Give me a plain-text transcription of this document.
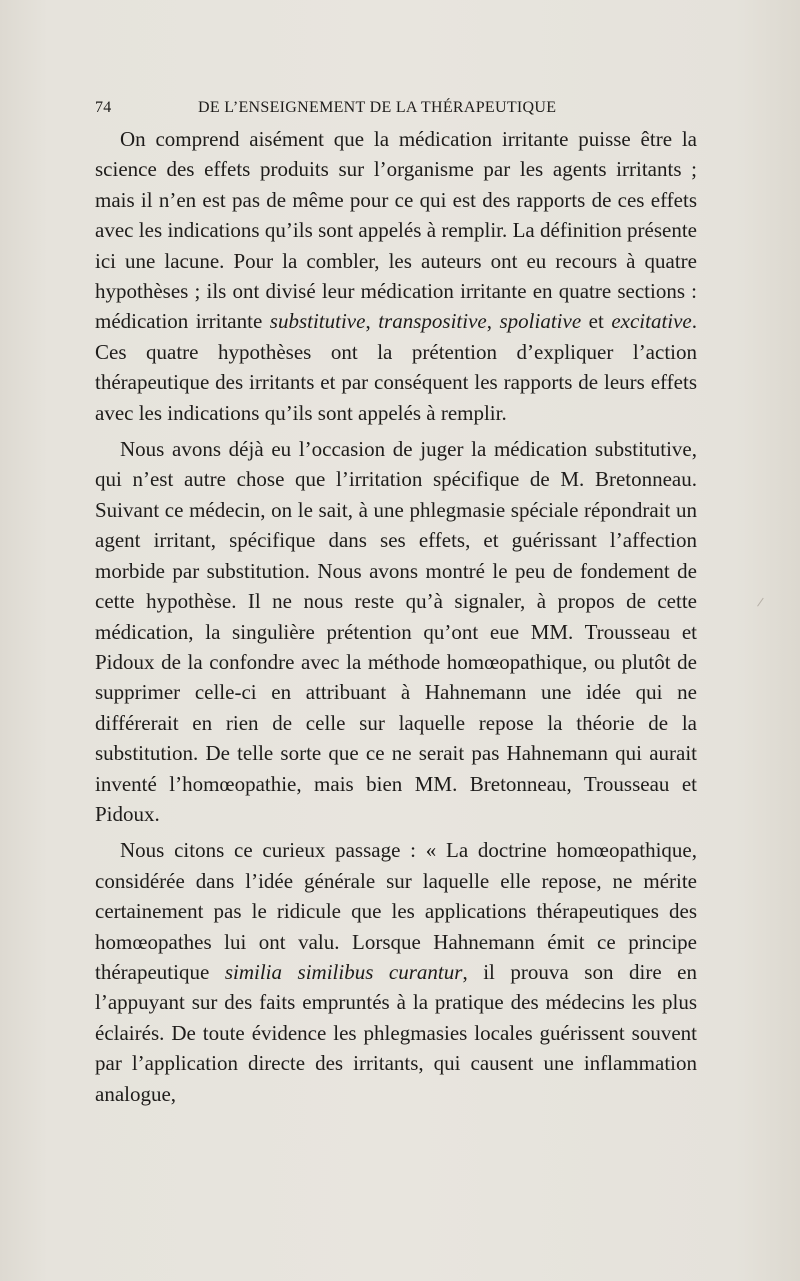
74	DE L’ENSEIGNEMENT DE LA THÉRAPEUTIQUE

On comprend aisément que la médication irritante puisse être la science des effets produits sur l’organisme par les agents irritants ; mais il n’en est pas de même pour ce qui est des rapports de ces effets avec les indications qu’ils sont appelés à remplir. La définition présente ici une lacune. Pour la combler, les auteurs ont eu recours à quatre hypothèses ; ils ont divisé leur médication irritante en quatre sections : médication irritante substitutive, transpositive, spoliative et excitative. Ces quatre hypothèses ont la prétention d’expliquer l’action thérapeutique des irritants et par conséquent les rapports de leurs effets avec les indications qu’ils sont appelés à remplir.

Nous avons déjà eu l’occasion de juger la médication substitutive, qui n’est autre chose que l’irritation spécifique de M. Bretonneau. Suivant ce médecin, on le sait, à une phlegmasie spéciale répondrait un agent irritant, spécifique dans ses effets, et guérissant l’affection morbide par substitution. Nous avons montré le peu de fondement de cette hypothèse. Il ne nous reste qu’à signaler, à propos de cette médication, la singulière prétention qu’ont eue MM. Trousseau et Pidoux de la confondre avec la méthode homœopathique, ou plutôt de supprimer celle-ci en attribuant à Hahnemann une idée qui ne différerait en rien de celle sur laquelle repose la théorie de la substitution. De telle sorte que ce ne serait pas Hahnemann qui aurait inventé l’homœopathie, mais bien MM. Bretonneau, Trousseau et Pidoux.

Nous citons ce curieux passage : « La doctrine homœopathique, considérée dans l’idée générale sur laquelle elle repose, ne mérite certainement pas le ridicule que les applications thérapeutiques des homœopathes lui ont valu. Lorsque Hahnemann émit ce principe thérapeutique similia similibus curantur, il prouva son dire en l’appuyant sur des faits empruntés à la pratique des médecins les plus éclairés. De toute évidence les phlegmasies locales guérissent souvent par l’application directe des irritants, qui causent une inflammation analogue,
